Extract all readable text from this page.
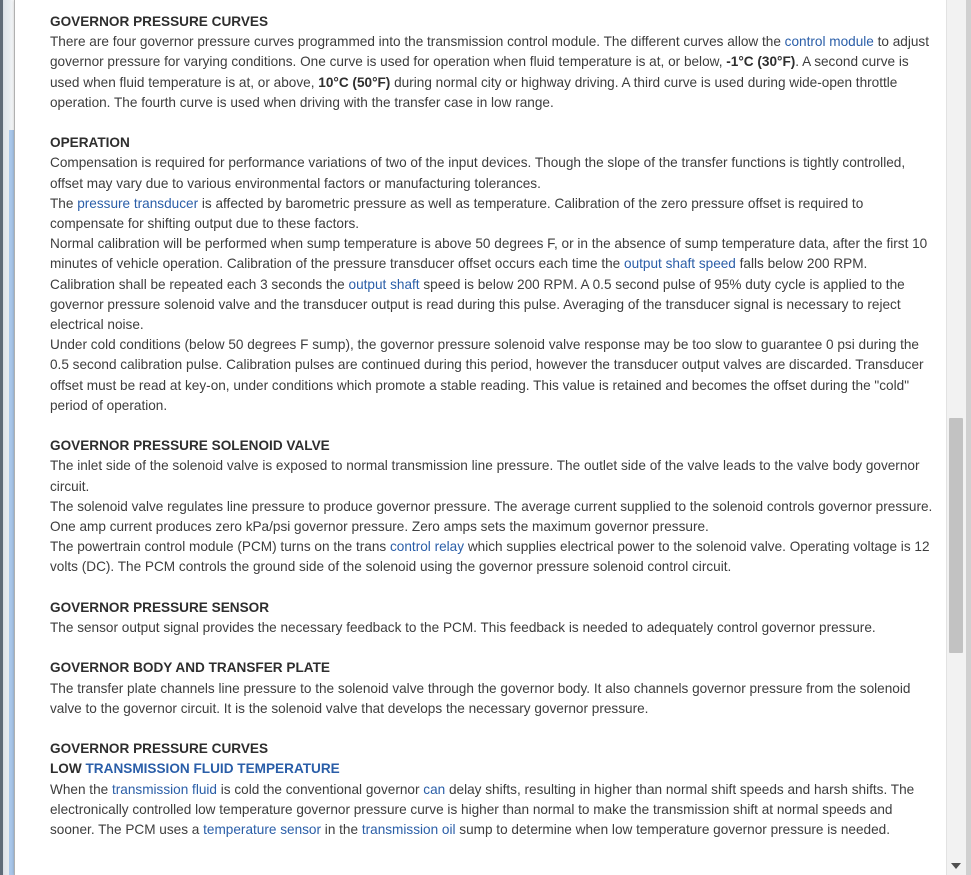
GOVERNOR PRESSURE CURVES

There are four governor pressure curves programmed into the transmission control module. The different curves allow the control module to adjust governor pressure for varying conditions. One curve is used for operation when fluid temperature is at, or below, -1°C (30°F). A second curve is used when fluid temperature is at, or above, 10°C (50°F) during normal city or highway driving. A third curve is used during wide-open throttle operation. The fourth curve is used when driving with the transfer case in low range.

OPERATION

Compensation is required for performance variations of two of the input devices. Though the slope of the transfer functions is tightly controlled, offset may vary due to various environmental factors or manufacturing tolerances.

The pressure transducer is affected by barometric pressure as well as temperature. Calibration of the zero pressure offset is required to compensate for shifting output due to these factors.

Normal calibration will be performed when sump temperature is above 50 degrees F, or in the absence of sump temperature data, after the first 10 minutes of vehicle operation. Calibration of the pressure transducer offset occurs each time the output shaft speed falls below 200 RPM. Calibration shall be repeated each 3 seconds the output shaft speed is below 200 RPM. A 0.5 second pulse of 95% duty cycle is applied to the governor pressure solenoid valve and the transducer output is read during this pulse. Averaging of the transducer signal is necessary to reject electrical noise.

Under cold conditions (below 50 degrees F sump), the governor pressure solenoid valve response may be too slow to guarantee 0 psi during the 0.5 second calibration pulse. Calibration pulses are continued during this period, however the transducer output valves are discarded. Transducer offset must be read at key-on, under conditions which promote a stable reading. This value is retained and becomes the offset during the "cold" period of operation.

GOVERNOR PRESSURE SOLENOID VALVE

The inlet side of the solenoid valve is exposed to normal transmission line pressure. The outlet side of the valve leads to the valve body governor circuit.

The solenoid valve regulates line pressure to produce governor pressure. The average current supplied to the solenoid controls governor pressure. One amp current produces zero kPa/psi governor pressure. Zero amps sets the maximum governor pressure.

The powertrain control module (PCM) turns on the trans control relay which supplies electrical power to the solenoid valve. Operating voltage is 12 volts (DC). The PCM controls the ground side of the solenoid using the governor pressure solenoid control circuit.

GOVERNOR PRESSURE SENSOR

The sensor output signal provides the necessary feedback to the PCM. This feedback is needed to adequately control governor pressure.

GOVERNOR BODY AND TRANSFER PLATE

The transfer plate channels line pressure to the solenoid valve through the governor body. It also channels governor pressure from the solenoid valve to the governor circuit. It is the solenoid valve that develops the necessary governor pressure.

GOVERNOR PRESSURE CURVES
LOW TRANSMISSION FLUID TEMPERATURE

When the transmission fluid is cold the conventional governor can delay shifts, resulting in higher than normal shift speeds and harsh shifts. The electronically controlled low temperature governor pressure curve is higher than normal to make the transmission shift at normal speeds and sooner. The PCM uses a temperature sensor in the transmission oil sump to determine when low temperature governor pressure is needed.
